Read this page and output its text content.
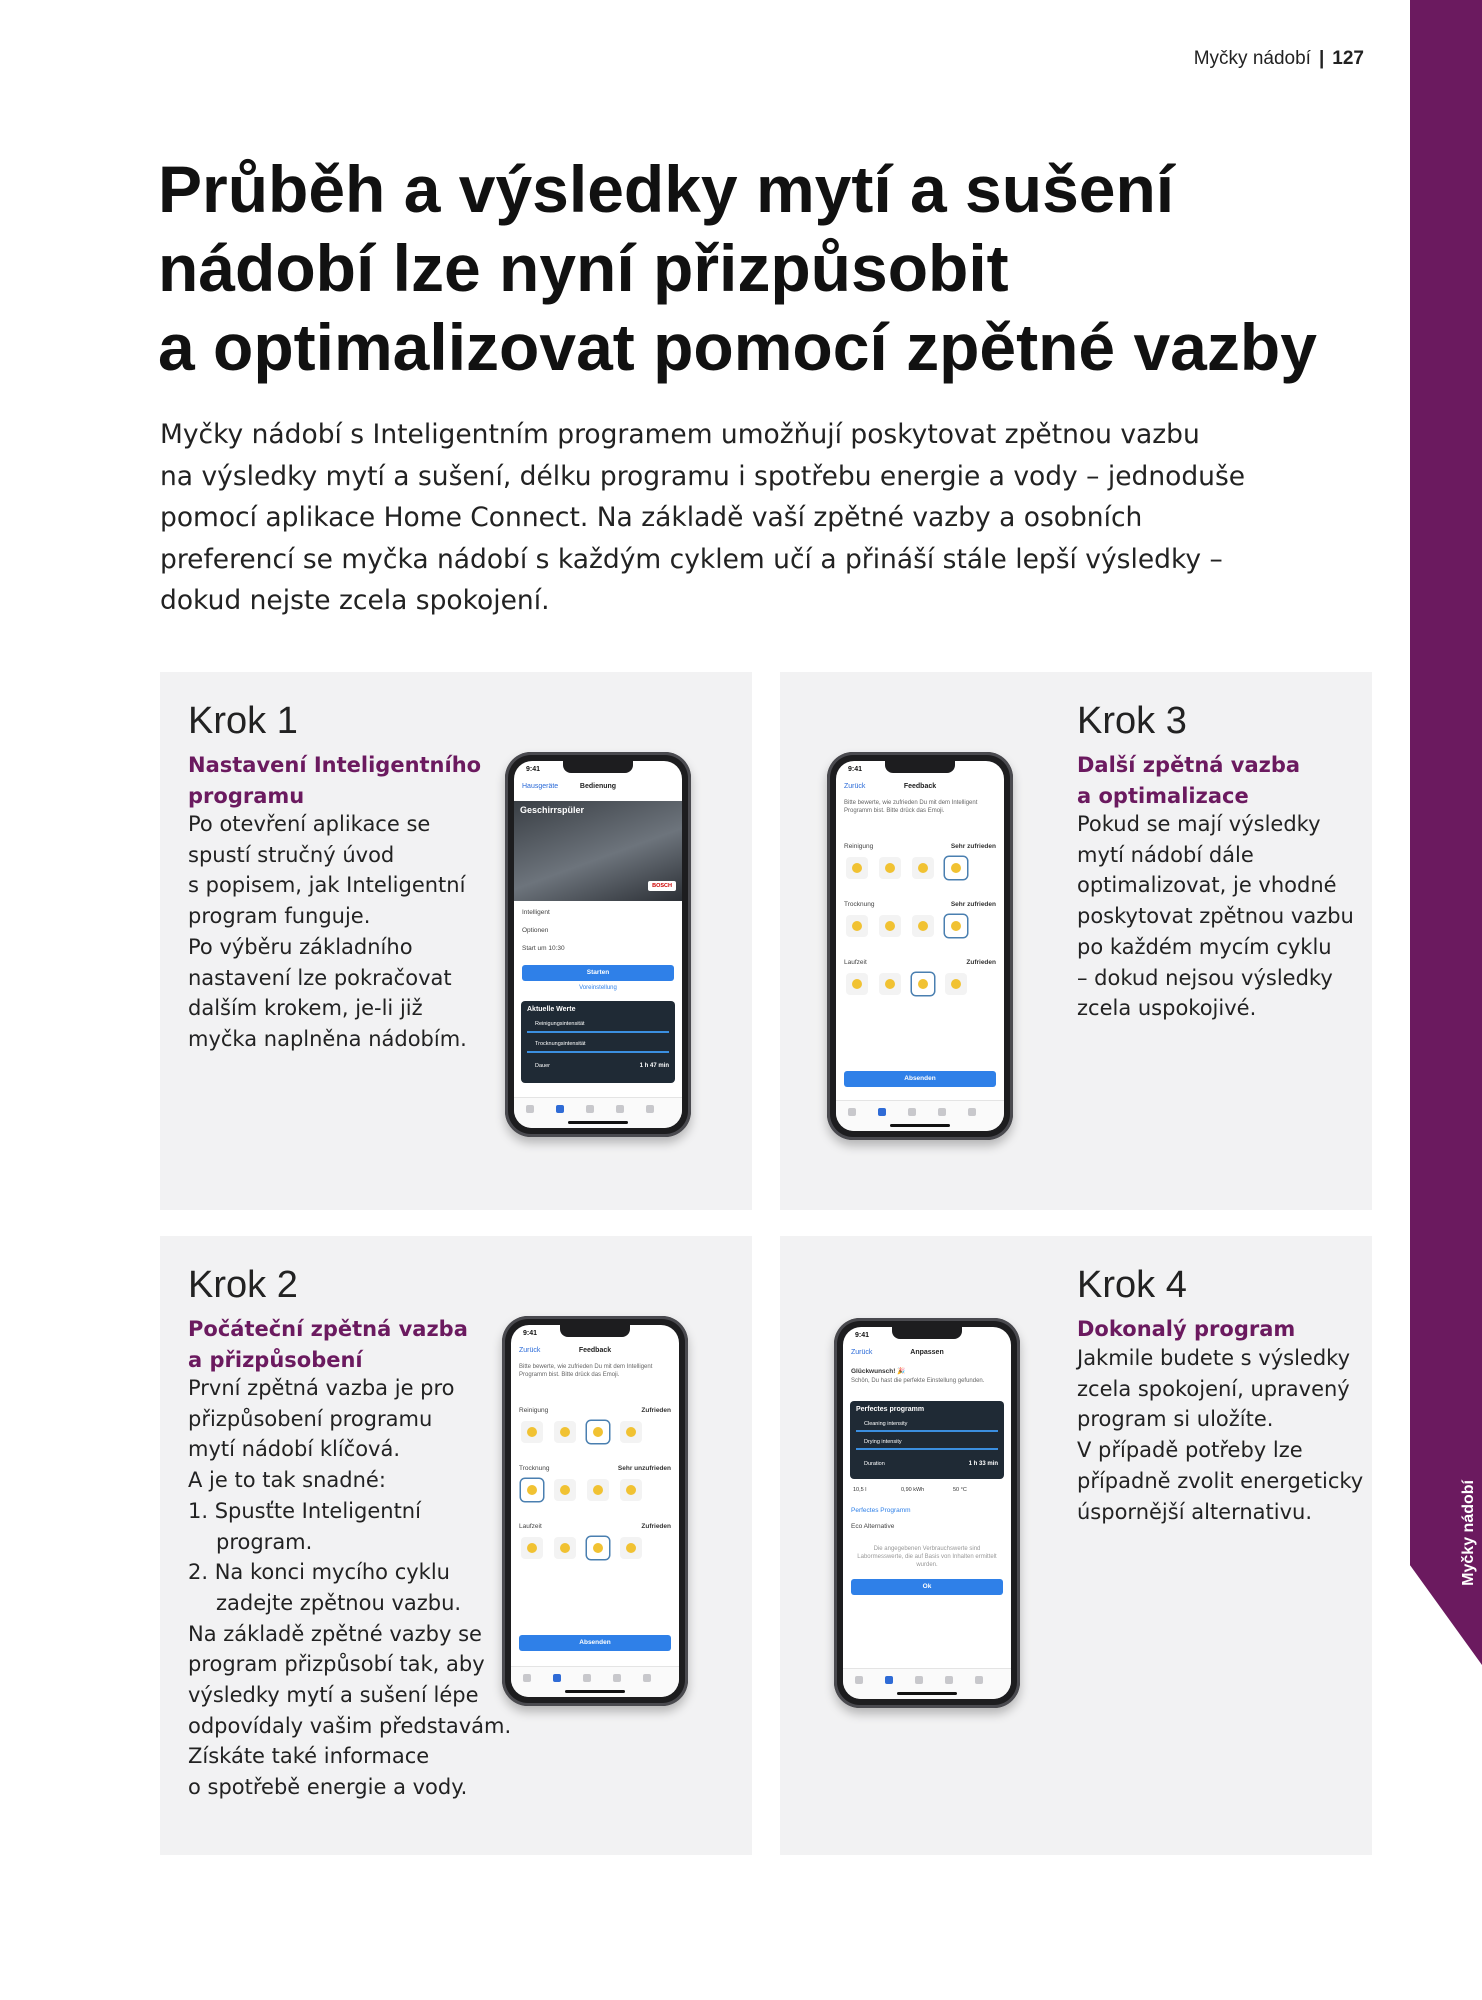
Myčky nádobí | 127
Myčky nádobí
Průběh a výsledky mytí a sušení
nádobí lze nyní přizpůsobit
a optimalizovat pomocí zpětné vazby
Myčky nádobí s Inteligentním programem umožňují poskytovat zpětnou vazbu
na výsledky mytí a sušení, délku programu i spotřebu energie a vody – jednoduše
pomocí aplikace Home Connect. Na základě vaší zpětné vazby a osobních
preferencí se myčka nádobí s každým cyklem učí a přináší stále lepší výsledky –
dokud nejste zcela spokojení.
Krok 1
Nastavení Inteligentního
programu
Po otevření aplikace se
spustí stručný úvod
s popisem, jak Inteligentní
program funguje.
Po výběru základního
nastavení lze pokračovat
dalším krokem, je-li již
myčka naplněna nádobím.
9:41
Hausgeräte	Bedienung
Geschirrspüler
BOSCH
Intelligent
Optionen
Start um 10:30
Starten
Voreinstellung
Aktuelle Werte
Reinigungsintensität
Trocknungsintensität
Dauer	1 h 47 min
Krok 3
Další zpětná vazba
a optimalizace
Pokud se mají výsledky
mytí nádobí dále
optimalizovat, je vhodné
poskytovat zpětnou vazbu
po každém mycím cyklu
– dokud nejsou výsledky
zcela uspokojivé.
9:41
Zurück	Feedback
Bitte bewerte, wie zufrieden Du mit dem Intelligent Programm bist. Bitte drück das Emoji.
Reinigung	Sehr zufrieden
Trocknung	Sehr zufrieden
Laufzeit	Zufrieden
Absenden
Krok 2
Počáteční zpětná vazba
a přizpůsobení
První zpětná vazba je pro
přizpůsobení programu
mytí nádobí klíčová.
A je to tak snadné:
1. Spusťte Inteligentní
program.
2. Na konci mycího cyklu
zadejte zpětnou vazbu.
Na základě zpětné vazby se
program přizpůsobí tak, aby
výsledky mytí a sušení lépe
odpovídaly vašim představám.
Získáte také informace
o spotřebě energie a vody.
9:41
Zurück	Feedback
Bitte bewerte, wie zufrieden Du mit dem Intelligent Programm bist. Bitte drück das Emoji.
Reinigung	Zufrieden
Trocknung	Sehr unzufrieden
Laufzeit	Zufrieden
Absenden
Krok 4
Dokonalý program
Jakmile budete s výsledky
zcela spokojení, upravený
program si uložíte.
V případě potřeby lze
případně zvolit energeticky
úspornější alternativu.
9:41
Zurück	Anpassen
Glückwunsch! 🎉
Schön, Du hast die perfekte Einstellung gefunden.
Perfectes programm
Cleaning intensity
Drying intensity
Duration	1 h 33 min
10,5 l	0,90 kWh	50 °C
Perfectes Programm
Eco Alternative
Die angegebenen Verbrauchswerte sind Labormesswerte, die auf Basis von Inhalten ermittelt wurden.
Ok
